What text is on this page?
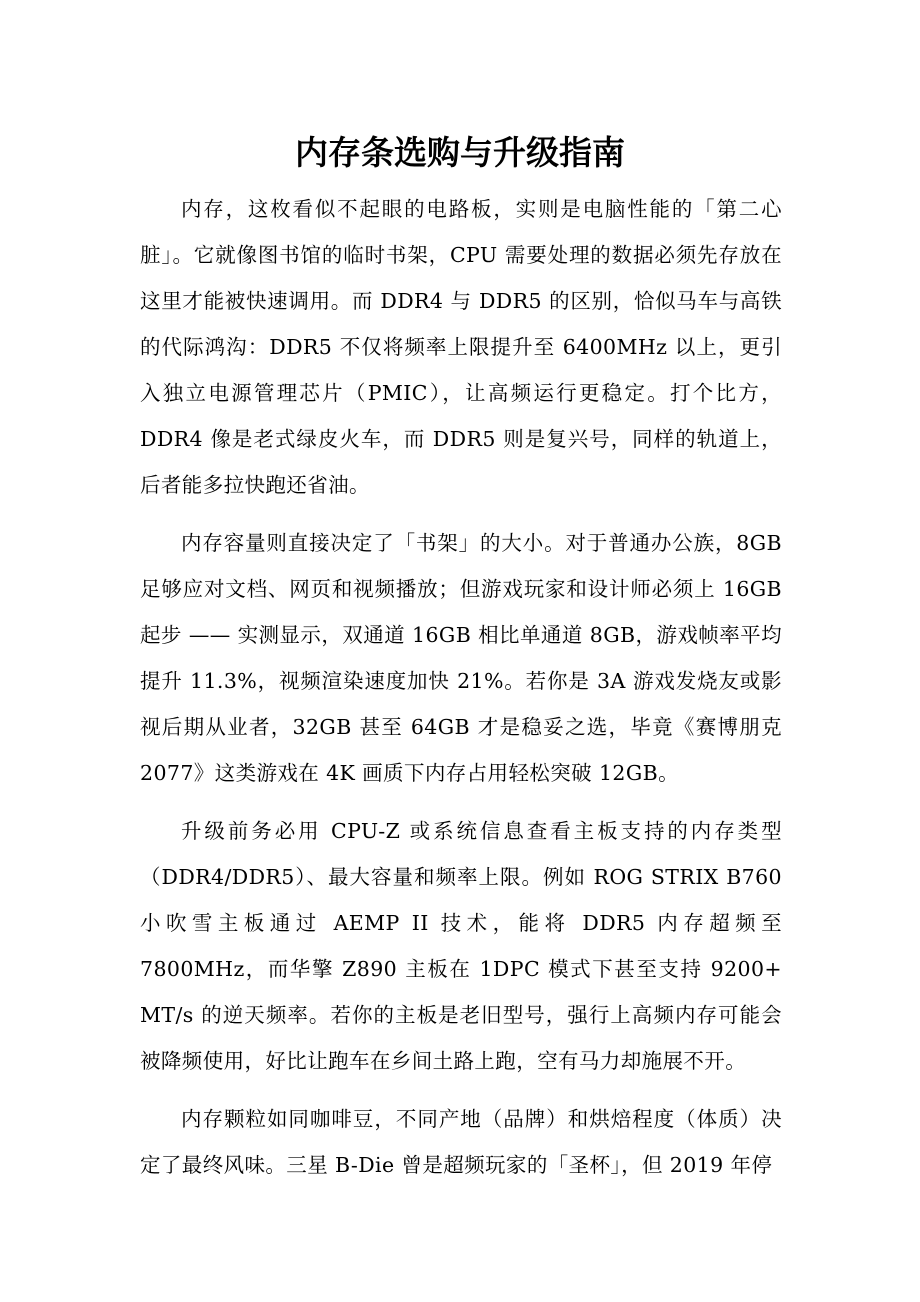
内存条选购与升级指南

内存，这枚看似不起眼的电路板，实则是电脑性能的「第二心脏」。它就像图书馆的临时书架，CPU 需要处理的数据必须先存放在这里才能被快速调用。而 DDR4 与 DDR5 的区别，恰似马车与高铁的代际鸿沟：DDR5 不仅将频率上限提升至 6400MHz 以上，更引入独立电源管理芯片（PMIC），让高频运行更稳定。打个比方，DDR4 像是老式绿皮火车，而 DDR5 则是复兴号，同样的轨道上，后者能多拉快跑还省油。

内存容量则直接决定了「书架」的大小。对于普通办公族，8GB 足够应对文档、网页和视频播放；但游戏玩家和设计师必须上 16GB 起步 —— 实测显示，双通道 16GB 相比单通道 8GB，游戏帧率平均提升 11.3%，视频渲染速度加快 21%。若你是 3A 游戏发烧友或影视后期从业者，32GB 甚至 64GB 才是稳妥之选，毕竟《赛博朋克 2077》这类游戏在 4K 画质下内存占用轻松突破 12GB。

升级前务必用 CPU-Z 或系统信息查看主板支持的内存类型（DDR4/DDR5）、最大容量和频率上限。例如 ROG STRIX B760 小吹雪主板通过 AEMP II 技术，能将 DDR5 内存超频至 7800MHz，而华擎 Z890 主板在 1DPC 模式下甚至支持 9200+ MT/s 的逆天频率。若你的主板是老旧型号，强行上高频内存可能会被降频使用，好比让跑车在乡间土路上跑，空有马力却施展不开。

内存颗粒如同咖啡豆，不同产地（品牌）和烘焙程度（体质）决定了最终风味。三星 B-Die 曾是超频玩家的「圣杯」，但 2019 年停
